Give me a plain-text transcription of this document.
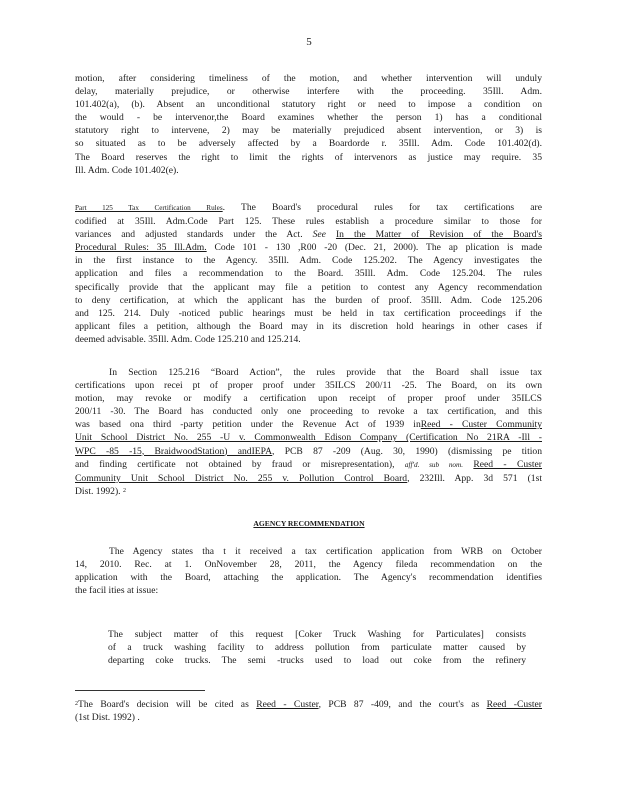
5
motion, after considering timeliness of the motion, and whether intervention will unduly
delay, materially prejudice, or otherwise interfere with the proceeding. 35Ill. Adm.
101.402(a), (b). Absent an unconditional statutory right or need to impose a condition on
the would - be intervenor,the Board examines whether the person 1) has a conditional
statutory right to intervene, 2) may be materially prejudiced absent intervention, or 3) is
so situated as to be adversely affected by a Boardorde r. 35Ill. Adm. Code 101.402(d).
The Board reserves the right to limit the rights of intervenors as justice may require. 35
Ill. Adm. Code 101.402(e).
Part 125 Tax Certification Rules. The Board's procedural rules for tax certifications are
codified at 35Ill. Adm.Code Part 125. These rules establish a procedure similar to those for
variances and adjusted standards under the Act. See In the Matter of Revision of the Board's
Procedural Rules: 35 Ill.Adm. Code 101 - 130 ,R00 -20 (Dec. 21, 2000). The ap plication is made
in the first instance to the Agency. 35Ill. Adm. Code 125.202. The Agency investigates the
application and files a recommendation to the Board. 35Ill. Adm. Code 125.204. The rules
specifically provide that the applicant may file a petition to contest any Agency recommendation
to deny certification, at which the applicant has the burden of proof. 35Ill. Adm. Code 125.206
and 125. 214. Duly -noticed public hearings must be held in tax certification proceedings if the
applicant files a petition, although the Board may in its discretion hold hearings in other cases if
deemed advisable. 35Ill. Adm. Code 125.210 and 125.214.
In Section 125.216 “Board Action”, the rules provide that the Board shall issue tax
certifications upon recei pt of proper proof under 35ILCS 200/11 -25. The Board, on its own
motion, may revoke or modify a certification upon receipt of proper proof under 35ILCS
200/11 -30. The Board has conducted only one proceeding to revoke a tax certification, and this
was based ona third -party petition under the Revenue Act of 1939 inReed - Custer Community
Unit School District No. 255 -U v. Commonwealth Edison Company (Certification No 21RA -Ill -
WPC -85 -15, BraidwoodStation) andIEPA, PCB 87 -209 (Aug. 30, 1990) (dismissing pe tition
and finding certificate not obtained by fraud or misrepresentation), aff'd. sub nom. Reed - Custer
Community Unit School District No. 255 v. Pollution Control Board, 232Ill. App. 3d 571 (1st
Dist. 1992). $^2$
AGENCY RECOMMENDATION
The Agency states tha t it received a tax certification application from WRB on October
14, 2010. Rec. at 1. OnNovember 28, 2011, the Agency fileda recommendation on the
application with the Board, attaching the application. The Agency's recommendation identifies
the facil ities at issue:
The subject matter of this request [Coker Truck Washing for Particulates] consists
of a truck washing facility to address pollution from particulate matter caused by
departing coke trucks. The semi -trucks used to load out coke from the refinery
$^2$The Board's decision will be cited as Reed - Custer, PCB 87 -409, and the court's as Reed -Custer
(1st Dist. 1992) .
